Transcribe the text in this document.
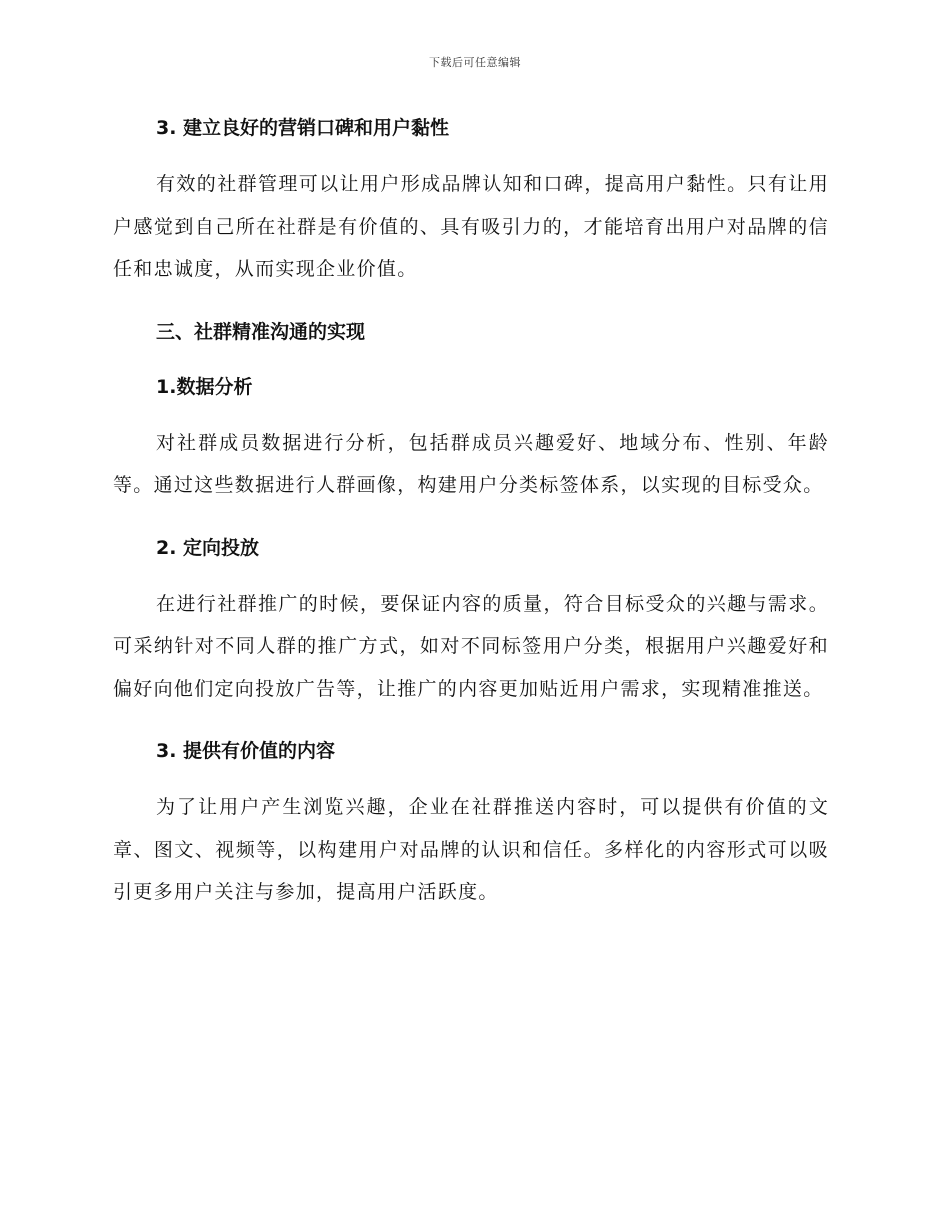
下载后可任意编辑
3. 建立良好的营销口碑和用户黏性

有效的社群管理可以让用户形成品牌认知和口碑，提高用户黏性。只有让用户感觉到自己所在社群是有价值的、具有吸引力的，才能培育出用户对品牌的信任和忠诚度，从而实现企业价值。

三、社群精准沟通的实现
1.数据分析

对社群成员数据进行分析，包括群成员兴趣爱好、地域分布、性别、年龄等。通过这些数据进行人群画像，构建用户分类标签体系，以实现的目标受众。

2. 定向投放

在进行社群推广的时候，要保证内容的质量，符合目标受众的兴趣与需求。可采纳针对不同人群的推广方式，如对不同标签用户分类，根据用户兴趣爱好和偏好向他们定向投放广告等，让推广的内容更加贴近用户需求，实现精准推送。

3. 提供有价值的内容

为了让用户产生浏览兴趣，企业在社群推送内容时，可以提供有价值的文章、图文、视频等，以构建用户对品牌的认识和信任。多样化的内容形式可以吸引更多用户关注与参加，提高用户活跃度。
